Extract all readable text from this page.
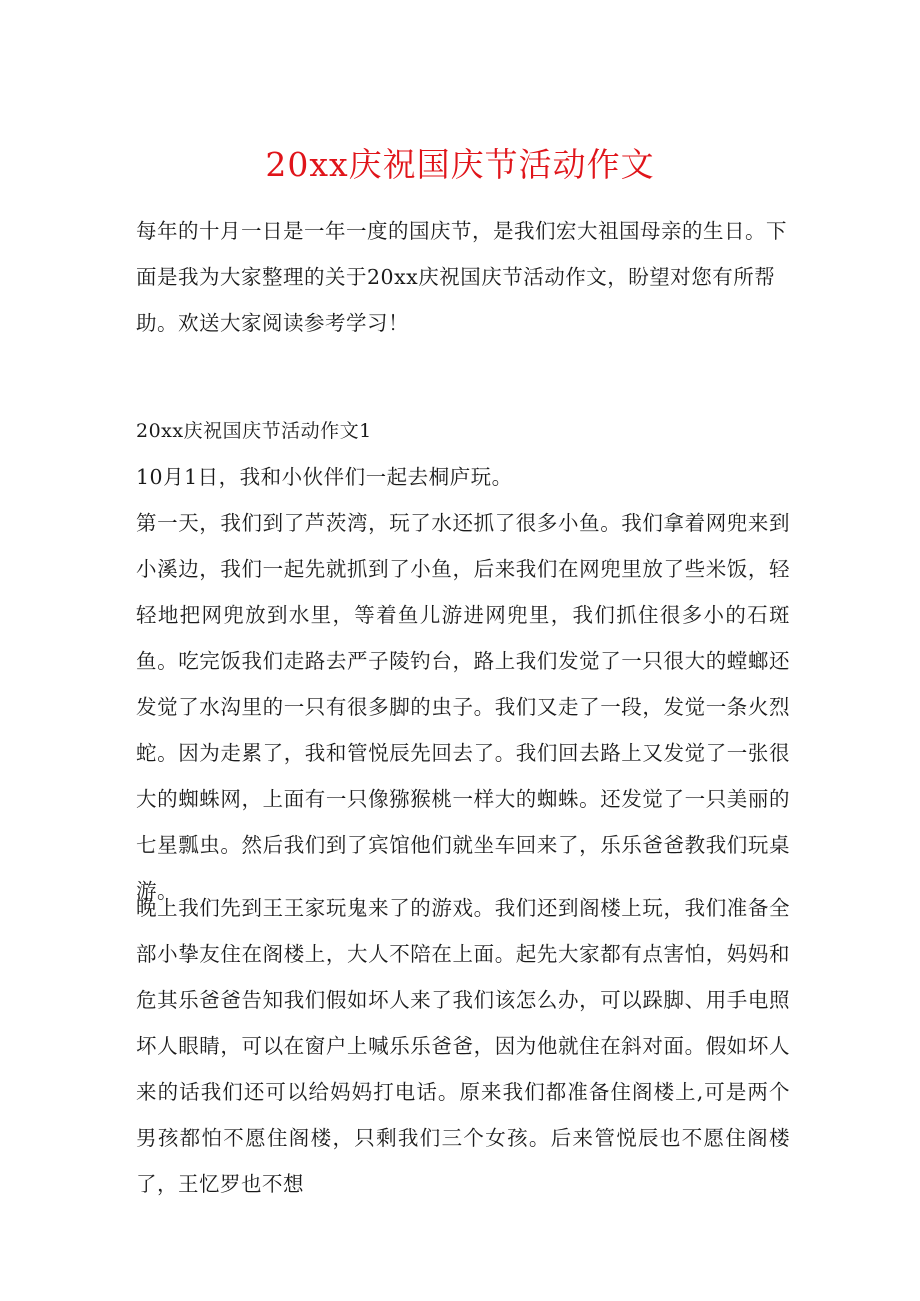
20xx庆祝国庆节活动作文

每年的十月一日是一年一度的国庆节，是我们宏大祖国母亲的生日。下面是我为大家整理的关于20xx庆祝国庆节活动作文，盼望对您有所帮助。欢送大家阅读参考学习！

20xx庆祝国庆节活动作文1

10月1日，我和小伙伴们一起去桐庐玩。

第一天，我们到了芦茨湾，玩了水还抓了很多小鱼。我们拿着网兜来到小溪边，我们一起先就抓到了小鱼，后来我们在网兜里放了些米饭，轻轻地把网兜放到水里，等着鱼儿游进网兜里，我们抓住很多小的石斑鱼。吃完饭我们走路去严子陵钓台，路上我们发觉了一只很大的螳螂还发觉了水沟里的一只有很多脚的虫子。我们又走了一段，发觉一条火烈蛇。因为走累了，我和管悦辰先回去了。我们回去路上又发觉了一张很大的蜘蛛网，上面有一只像猕猴桃一样大的蜘蛛。还发觉了一只美丽的七星瓢虫。然后我们到了宾馆他们就坐车回来了，乐乐爸爸教我们玩桌游。

晚上我们先到王王家玩鬼来了的游戏。我们还到阁楼上玩，我们准备全部小挚友住在阁楼上，大人不陪在上面。起先大家都有点害怕，妈妈和危其乐爸爸告知我们假如坏人来了我们该怎么办，可以跺脚、用手电照坏人眼睛，可以在窗户上喊乐乐爸爸，因为他就住在斜对面。假如坏人来的话我们还可以给妈妈打电话。原来我们都准备住阁楼上,可是两个男孩都怕不愿住阁楼，只剩我们三个女孩。后来管悦辰也不愿住阁楼了，王忆罗也不想
